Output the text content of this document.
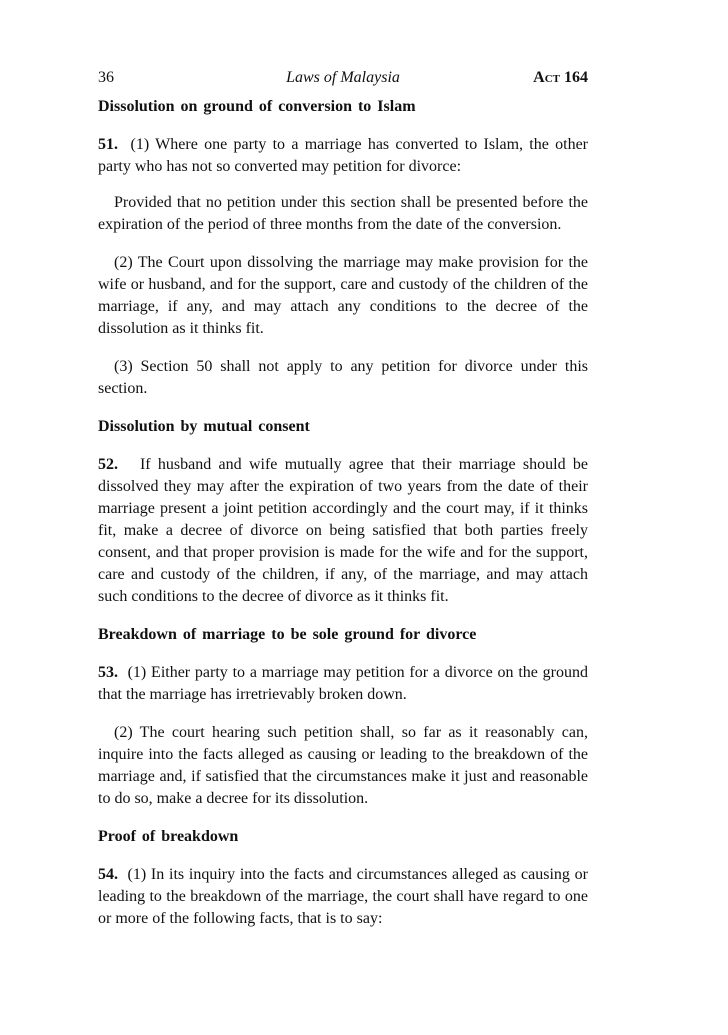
36	Laws of Malaysia	Act 164
Dissolution on ground of conversion to Islam

51. (1) Where one party to a marriage has converted to Islam, the other party who has not so converted may petition for divorce:

Provided that no petition under this section shall be presented before the expiration of the period of three months from the date of the conversion.

(2) The Court upon dissolving the marriage may make provision for the wife or husband, and for the support, care and custody of the children of the marriage, if any, and may attach any conditions to the decree of the dissolution as it thinks fit.

(3) Section 50 shall not apply to any petition for divorce under this section.

Dissolution by mutual consent

52. If husband and wife mutually agree that their marriage should be dissolved they may after the expiration of two years from the date of their marriage present a joint petition accordingly and the court may, if it thinks fit, make a decree of divorce on being satisfied that both parties freely consent, and that proper provision is made for the wife and for the support, care and custody of the children, if any, of the marriage, and may attach such conditions to the decree of divorce as it thinks fit.

Breakdown of marriage to be sole ground for divorce

53. (1) Either party to a marriage may petition for a divorce on the ground that the marriage has irretrievably broken down.

(2) The court hearing such petition shall, so far as it reasonably can, inquire into the facts alleged as causing or leading to the breakdown of the marriage and, if satisfied that the circumstances make it just and reasonable to do so, make a decree for its dissolution.

Proof of breakdown

54. (1) In its inquiry into the facts and circumstances alleged as causing or leading to the breakdown of the marriage, the court shall have regard to one or more of the following facts, that is to say:
